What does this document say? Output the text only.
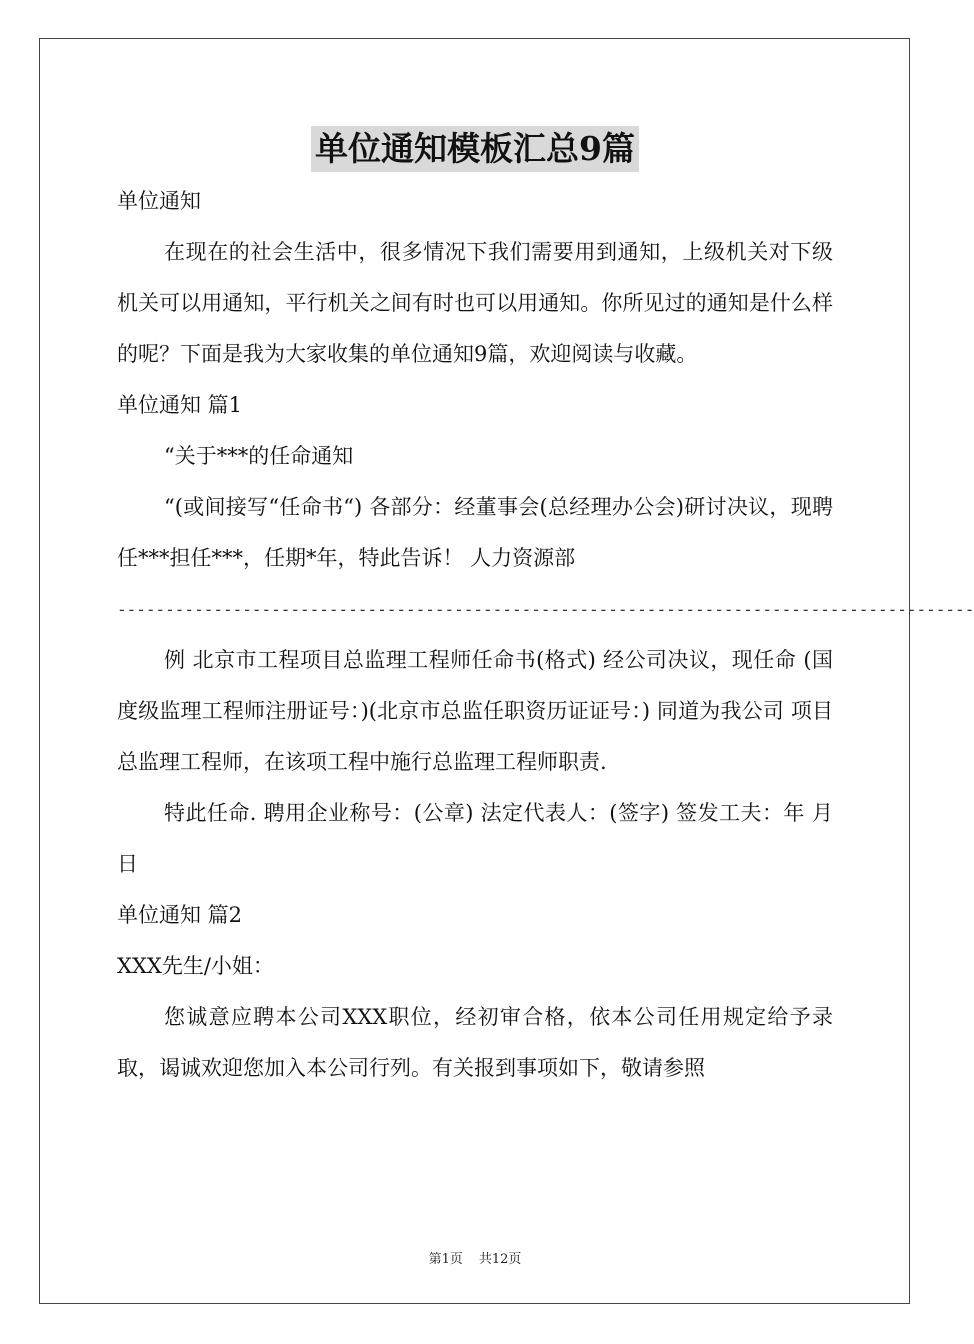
单位通知模板汇总9篇

单位通知

在现在的社会生活中，很多情况下我们需要用到通知，上级机关对下级机关可以用通知，平行机关之间有时也可以用通知。你所见过的通知是什么样的呢？下面是我为大家收集的单位通知9篇，欢迎阅读与收藏。

单位通知 篇1

“关于***的任命通知

“(或间接写“任命书“) 各部分：经董事会(总经理办公会)研讨决议，现聘任***担任***，任期*年，特此告诉！ 人力资源部

-----------------------------------------------------------------------------------------

例 北京市工程项目总监理工程师任命书(格式) 经公司决议，现任命 (国度级监理工程师注册证号：)(北京市总监任职资历证证号：) 同道为我公司 项目总监理工程师，在该项工程中施行总监理工程师职责.

特此任命. 聘用企业称号：(公章) 法定代表人：(签字) 签发工夫：年 月 日

单位通知 篇2

XXX先生/小姐：

您诚意应聘本公司XXX职位，经初审合格，依本公司任用规定给予录取，谒诚欢迎您加入本公司行列。有关报到事项如下，敬请参照

第1页 共12页
